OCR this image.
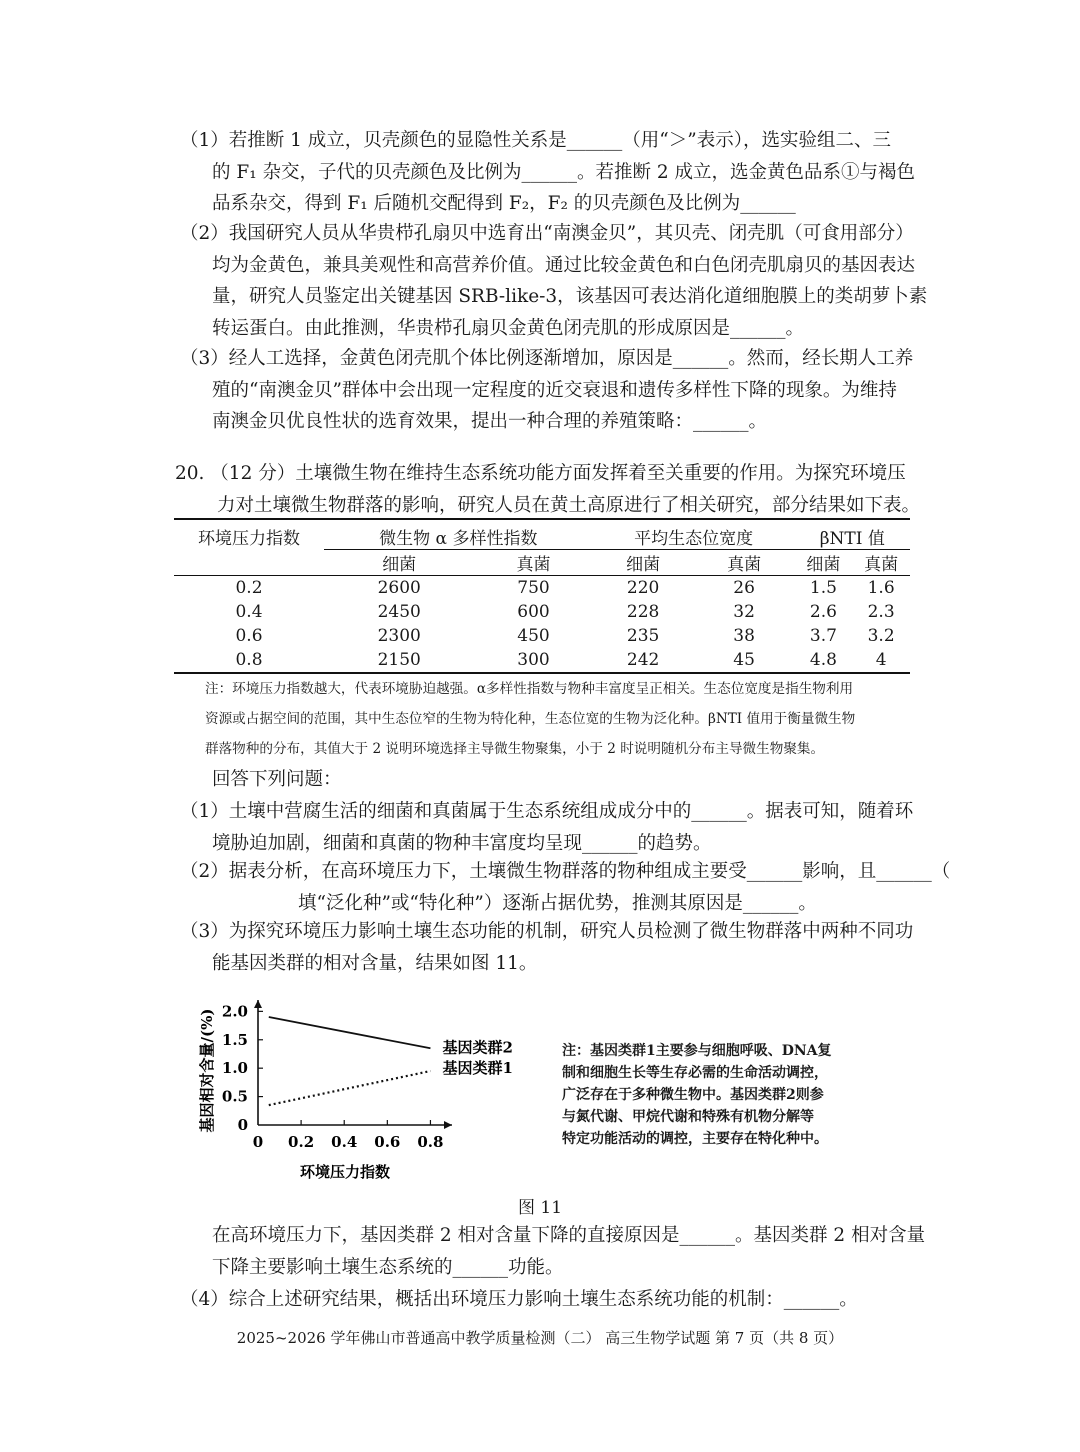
（1）若推断 1 成立，贝壳颜色的显隐性关系是______（用“＞”表示），选实验组二、三
的 F₁ 杂交，子代的贝壳颜色及比例为______。若推断 2 成立，选金黄色品系①与褐色
品系杂交，得到 F₁ 后随机交配得到 F₂，F₂ 的贝壳颜色及比例为______
（2）我国研究人员从华贵栉孔扇贝中选育出“南澳金贝”，其贝壳、闭壳肌（可食用部分）
均为金黄色，兼具美观性和高营养价值。通过比较金黄色和白色闭壳肌扇贝的基因表达
量，研究人员鉴定出关键基因 SRB-like-3，该基因可表达消化道细胞膜上的类胡萝卜素
转运蛋白。由此推测，华贵栉孔扇贝金黄色闭壳肌的形成原因是______。
（3）经人工选择，金黄色闭壳肌个体比例逐渐增加，原因是______。然而，经长期人工养
殖的“南澳金贝”群体中会出现一定程度的近交衰退和遗传多样性下降的现象。为维持
南澳金贝优良性状的选育效果，提出一种合理的养殖策略：______。
20. （12 分）土壤微生物在维持生态系统功能方面发挥着至关重要的作用。为探究环境压
力对土壤微生物群落的影响，研究人员在黄土高原进行了相关研究，部分结果如下表。
环境压力指数	微生物 α 多样性指数		平均生态位宽度		βNTI 值	
	细菌	真菌	细菌	真菌	细菌	真菌
0.2	2600	750	220	26	1.5	1.6
0.4	2450	600	228	32	2.6	2.3
0.6	2300	450	235	38	3.7	3.2
0.8	2150	300	242	45	4.8	4
注：环境压力指数越大，代表环境胁迫越强。α多样性指数与物种丰富度呈正相关。生态位宽度是指生物利用
资源或占据空间的范围，其中生态位窄的生物为特化种，生态位宽的生物为泛化种。βNTI 值用于衡量微生物
群落物种的分布，其值大于 2 说明环境选择主导微生物聚集，小于 2 时说明随机分布主导微生物聚集。
回答下列问题：
（1）土壤中营腐生活的细菌和真菌属于生态系统组成成分中的______。据表可知，随着环
境胁迫加剧，细菌和真菌的物种丰富度均呈现______的趋势。
（2）据表分析，在高环境压力下，土壤微生物群落的物种组成主要受______影响，且______（
填“泛化种”或“特化种”）逐渐占据优势，推测其原因是______。
（3）为探究环境压力影响土壤生态功能的机制，研究人员检测了微生物群落中两种不同功
能基因类群的相对含量，结果如图 11。
0 0.2 0.4 0.6 0.8
0
0.5
1.0
1.5
2.0
环境压力指数
基因相对含量/(%)	基因类群2
基因类群1
注：基因类群1主要参与细胞呼吸、DNA复
制和细胞生长等生存必需的生命活动调控，
广泛存在于多种微生物中。基因类群2则参
与氮代谢、甲烷代谢和特殊有机物分解等
特定功能活动的调控，主要存在特化种中。
图 11
在高环境压力下，基因类群 2 相对含量下降的直接原因是______。基因类群 2 相对含量
下降主要影响土壤生态系统的______功能。
（4）综合上述研究结果，概括出环境压力影响土壤生态系统功能的机制：______。
2025~2026 学年佛山市普通高中教学质量检测（二） 高三生物学试题 第 7 页（共 8 页）
